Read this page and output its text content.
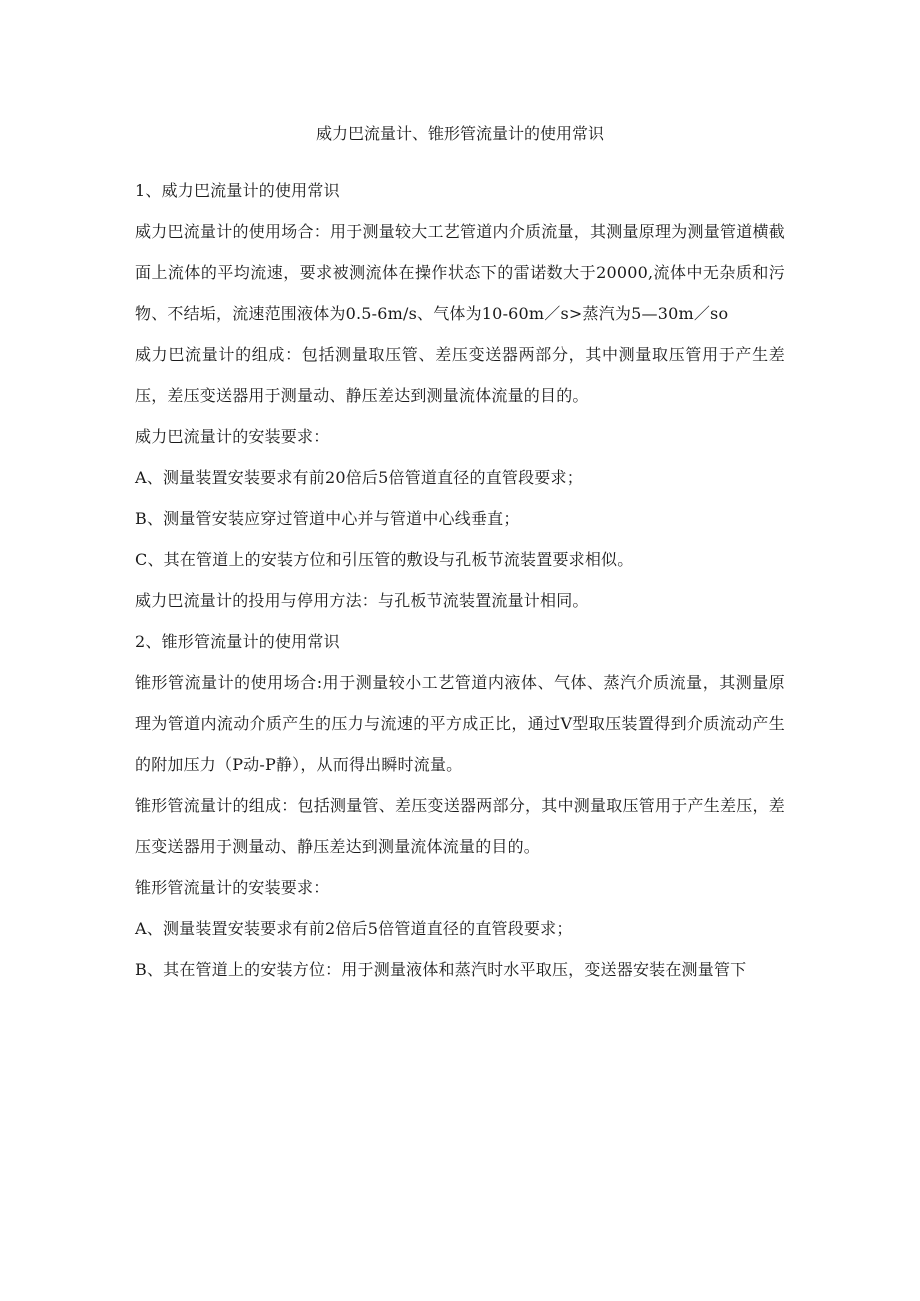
威力巴流量计、锥形管流量计的使用常识

1、威力巴流量计的使用常识

威力巴流量计的使用场合：用于测量较大工艺管道内介质流量，其测量原理为测量管道横截面上流体的平均流速，要求被测流体在操作状态下的雷诺数大于20000,流体中无杂质和污物、不结垢，流速范围液体为0.5-6m/s、气体为10-60m／s>蒸汽为5—30m／so

威力巴流量计的组成：包括测量取压管、差压变送器两部分，其中测量取压管用于产生差压，差压变送器用于测量动、静压差达到测量流体流量的目的。

威力巴流量计的安装要求：

A、测量装置安装要求有前20倍后5倍管道直径的直管段要求；

B、测量管安装应穿过管道中心并与管道中心线垂直；

C、其在管道上的安装方位和引压管的敷设与孔板节流装置要求相似。

威力巴流量计的投用与停用方法：与孔板节流装置流量计相同。

2、锥形管流量计的使用常识

锥形管流量计的使用场合:用于测量较小工艺管道内液体、气体、蒸汽介质流量，其测量原理为管道内流动介质产生的压力与流速的平方成正比，通过V型取压装置得到介质流动产生的附加压力（P动-P静），从而得出瞬时流量。

锥形管流量计的组成：包括测量管、差压变送器两部分，其中测量取压管用于产生差压，差压变送器用于测量动、静压差达到测量流体流量的目的。

锥形管流量计的安装要求：

A、测量装置安装要求有前2倍后5倍管道直径的直管段要求；

B、其在管道上的安装方位：用于测量液体和蒸汽时水平取压，变送器安装在测量管下
